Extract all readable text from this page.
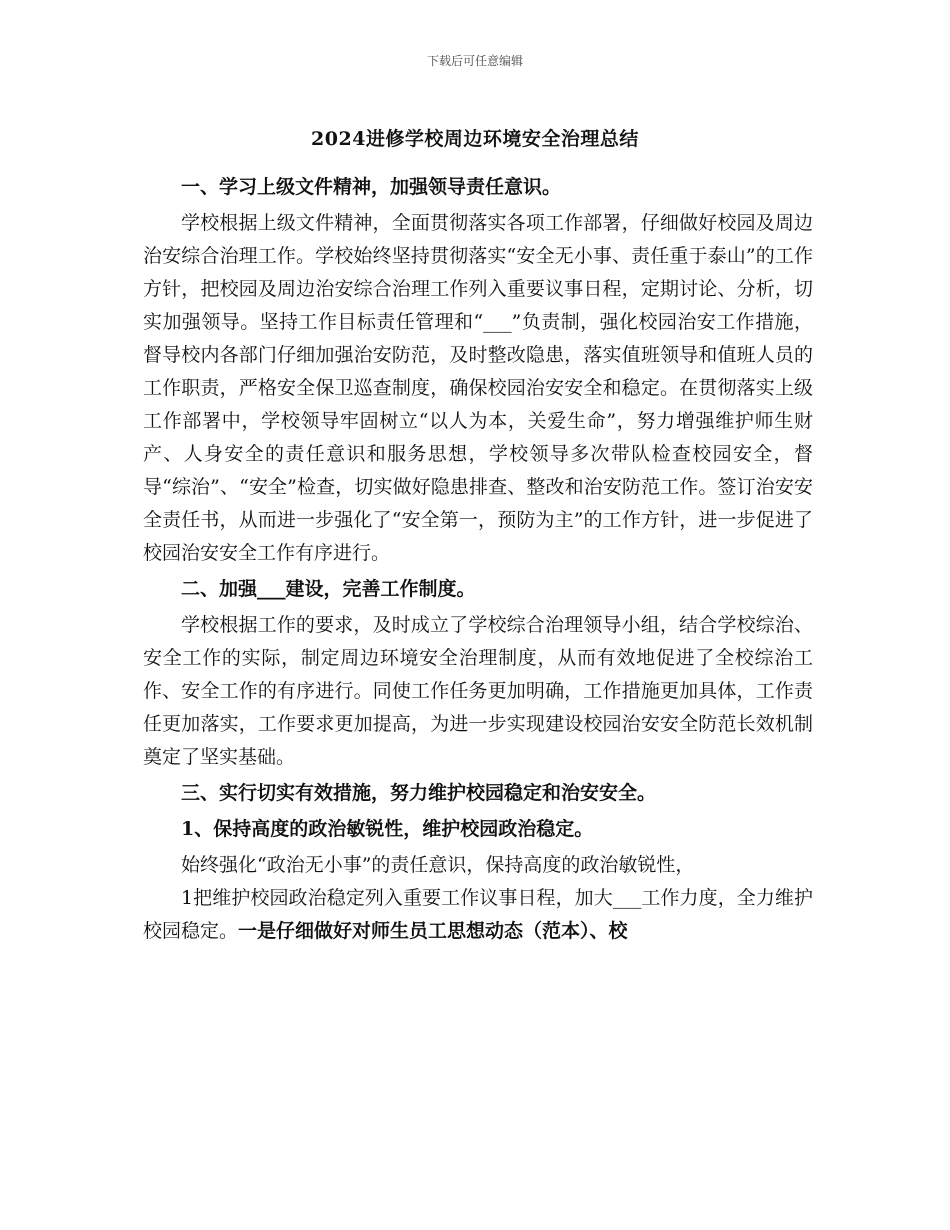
下载后可任意编辑
2024进修学校周边环境安全治理总结

一、学习上级文件精神，加强领导责任意识。

学校根据上级文件精神，全面贯彻落实各项工作部署，仔细做好校园及周边治安综合治理工作。学校始终坚持贯彻落实“安全无小事、责任重于泰山”的工作方针，把校园及周边治安综合治理工作列入重要议事日程，定期讨论、分析，切实加强领导。坚持工作目标责任管理和“___”负责制，强化校园治安工作措施，督导校内各部门仔细加强治安防范，及时整改隐患，落实值班领导和值班人员的工作职责，严格安全保卫巡查制度，确保校园治安安全和稳定。在贯彻落实上级工作部署中，学校领导牢固树立“以人为本，关爱生命”，努力增强维护师生财产、人身安全的责任意识和服务思想，学校领导多次带队检查校园安全，督导“综治”、“安全”检查，切实做好隐患排查、整改和治安防范工作。签订治安安全责任书，从而进一步强化了“安全第一，预防为主”的工作方针，进一步促进了校园治安安全工作有序进行。

二、加强___建设，完善工作制度。

学校根据工作的要求，及时成立了学校综合治理领导小组，结合学校综治、安全工作的实际，制定周边环境安全治理制度，从而有效地促进了全校综治工作、安全工作的有序进行。同使工作任务更加明确，工作措施更加具体，工作责任更加落实，工作要求更加提高，为进一步实现建设校园治安安全防范长效机制奠定了坚实基础。

三、实行切实有效措施，努力维护校园稳定和治安安全。

1、保持高度的政治敏锐性，维护校园政治稳定。

始终强化“政治无小事”的责任意识，保持高度的政治敏锐性，

1把维护校园政治稳定列入重要工作议事日程，加大___工作力度，全力维护校园稳定。一是仔细做好对师生员工思想动态（范本）、校
